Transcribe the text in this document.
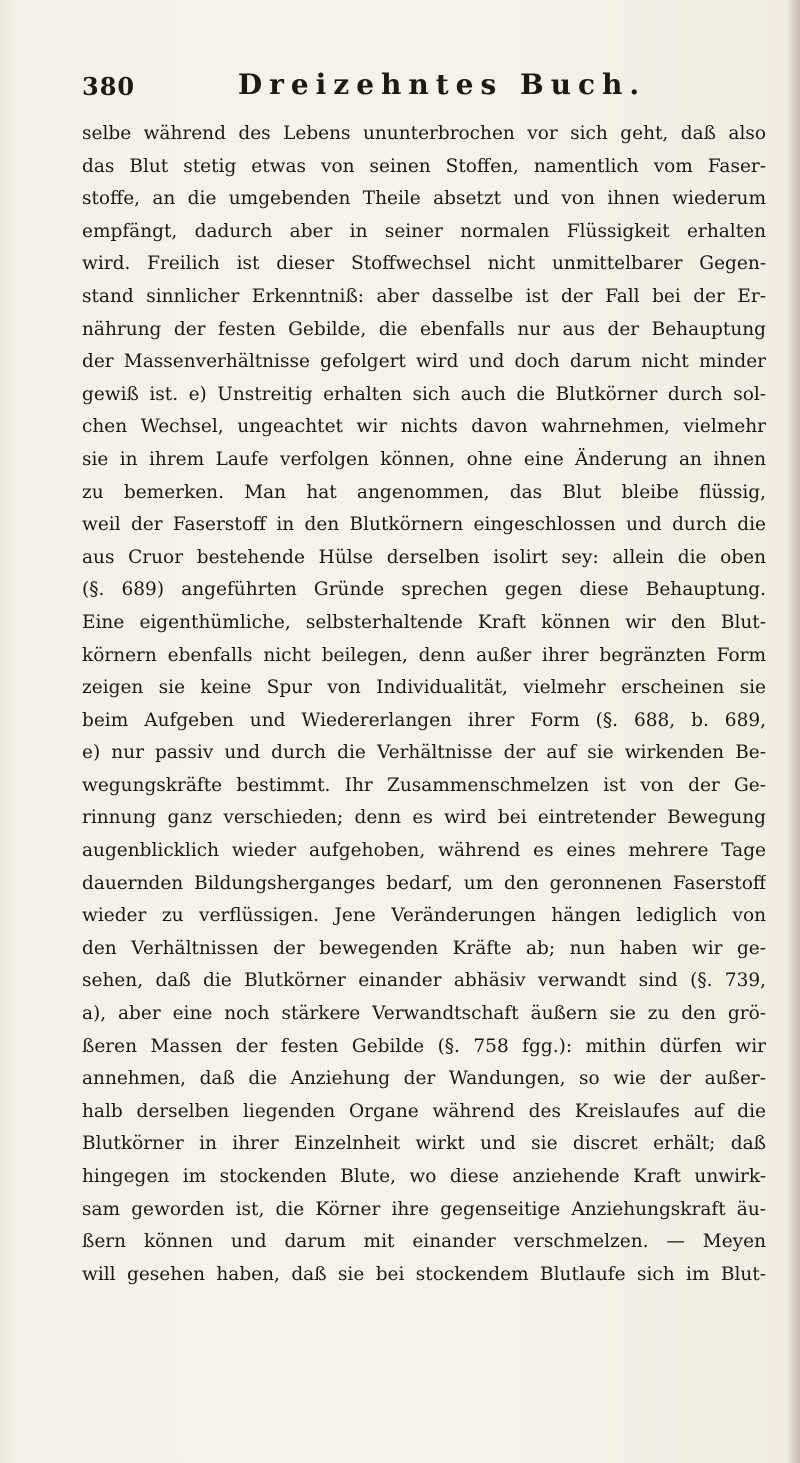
380	Dreizehntes Buch.
selbe während des Lebens ununterbrochen vor sich geht, daß also
das Blut stetig etwas von seinen Stoffen, namentlich vom Faser-
stoffe, an die umgebenden Theile absetzt und von ihnen wiederum
empfängt, dadurch aber in seiner normalen Flüssigkeit erhalten
wird. Freilich ist dieser Stoffwechsel nicht unmittelbarer Gegen-
stand sinnlicher Erkenntniß: aber dasselbe ist der Fall bei der Er-
nährung der festen Gebilde, die ebenfalls nur aus der Behauptung
der Massenverhältnisse gefolgert wird und doch darum nicht minder
gewiß ist. e) Unstreitig erhalten sich auch die Blutkörner durch sol-
chen Wechsel, ungeachtet wir nichts davon wahrnehmen, vielmehr
sie in ihrem Laufe verfolgen können, ohne eine Änderung an ihnen
zu bemerken. Man hat angenommen, das Blut bleibe flüssig,
weil der Faserstoff in den Blutkörnern eingeschlossen und durch die
aus Cruor bestehende Hülse derselben isolirt sey: allein die oben
(§. 689) angeführten Gründe sprechen gegen diese Behauptung.
Eine eigenthümliche, selbsterhaltende Kraft können wir den Blut-
körnern ebenfalls nicht beilegen, denn außer ihrer begränzten Form
zeigen sie keine Spur von Individualität, vielmehr erscheinen sie
beim Aufgeben und Wiedererlangen ihrer Form (§. 688, b. 689,
e) nur passiv und durch die Verhältnisse der auf sie wirkenden Be-
wegungskräfte bestimmt. Ihr Zusammenschmelzen ist von der Ge-
rinnung ganz verschieden; denn es wird bei eintretender Bewegung
augenblicklich wieder aufgehoben, während es eines mehrere Tage
dauernden Bildungsherganges bedarf, um den geronnenen Faserstoff
wieder zu verflüssigen. Jene Veränderungen hängen lediglich von
den Verhältnissen der bewegenden Kräfte ab; nun haben wir ge-
sehen, daß die Blutkörner einander abhäsiv verwandt sind (§. 739,
a), aber eine noch stärkere Verwandtschaft äußern sie zu den grö-
ßeren Massen der festen Gebilde (§. 758 fgg.): mithin dürfen wir
annehmen, daß die Anziehung der Wandungen, so wie der außer-
halb derselben liegenden Organe während des Kreislaufes auf die
Blutkörner in ihrer Einzelnheit wirkt und sie discret erhält; daß
hingegen im stockenden Blute, wo diese anziehende Kraft unwirk-
sam geworden ist, die Körner ihre gegenseitige Anziehungskraft äu-
ßern können und darum mit einander verschmelzen. — Meyen
will gesehen haben, daß sie bei stockendem Blutlaufe sich im Blut-
